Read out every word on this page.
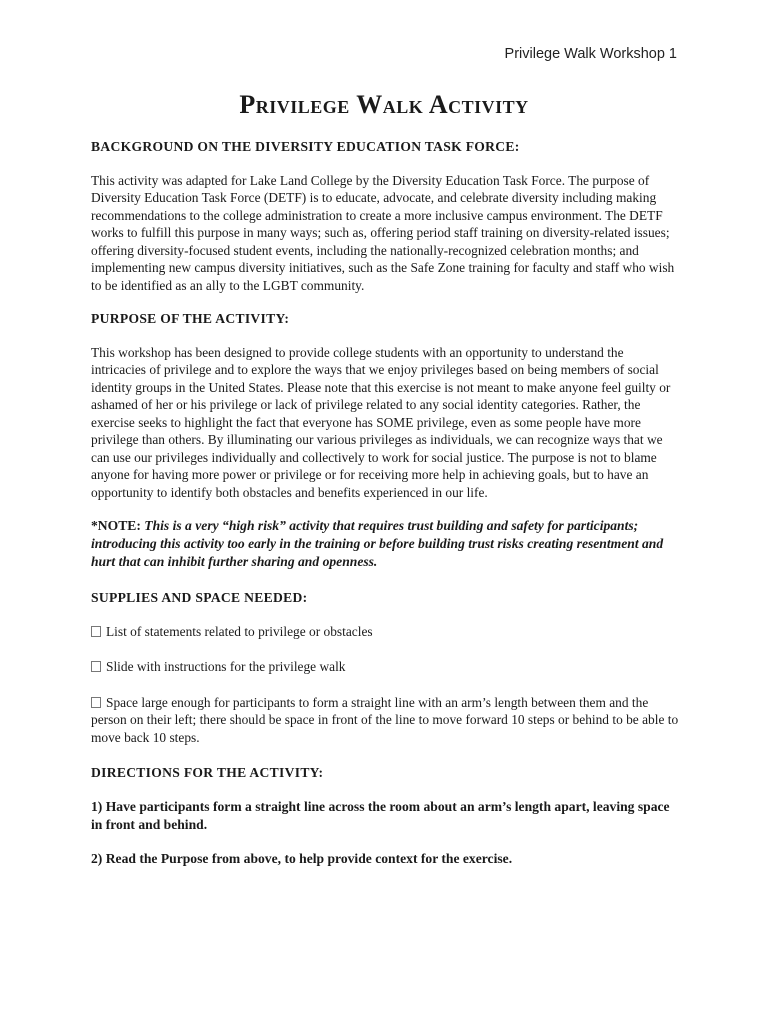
Privilege Walk Workshop 1
Privilege Walk Activity
BACKGROUND ON THE DIVERSITY EDUCATION TASK FORCE:

This activity was adapted for Lake Land College by the Diversity Education Task Force. The purpose of Diversity Education Task Force (DETF) is to educate, advocate, and celebrate diversity including making recommendations to the college administration to create a more inclusive campus environment. The DETF works to fulfill this purpose in many ways; such as, offering period staff training on diversity-related issues; offering diversity-focused student events, including the nationally-recognized celebration months; and implementing new campus diversity initiatives, such as the Safe Zone training for faculty and staff who wish to be identified as an ally to the LGBT community.

PURPOSE OF THE ACTIVITY:

This workshop has been designed to provide college students with an opportunity to understand the intricacies of privilege and to explore the ways that we enjoy privileges based on being members of social identity groups in the United States. Please note that this exercise is not meant to make anyone feel guilty or ashamed of her or his privilege or lack of privilege related to any social identity categories. Rather, the exercise seeks to highlight the fact that everyone has SOME privilege, even as some people have more privilege than others. By illuminating our various privileges as individuals, we can recognize ways that we can use our privileges individually and collectively to work for social justice. The purpose is not to blame anyone for having more power or privilege or for receiving more help in achieving goals, but to have an opportunity to identify both obstacles and benefits experienced in our life.

*NOTE: This is a very “high risk” activity that requires trust building and safety for participants; introducing this activity too early in the training or before building trust risks creating resentment and hurt that can inhibit further sharing and openness.

SUPPLIES AND SPACE NEEDED:
List of statements related to privilege or obstacles
Slide with instructions for the privilege walk
Space large enough for participants to form a straight line with an arm’s length between them and the person on their left; there should be space in front of the line to move forward 10 steps or behind to be able to move back 10 steps.
DIRECTIONS FOR THE ACTIVITY:

1) Have participants form a straight line across the room about an arm’s length apart, leaving space in front and behind.

2) Read the Purpose from above, to help provide context for the exercise.
